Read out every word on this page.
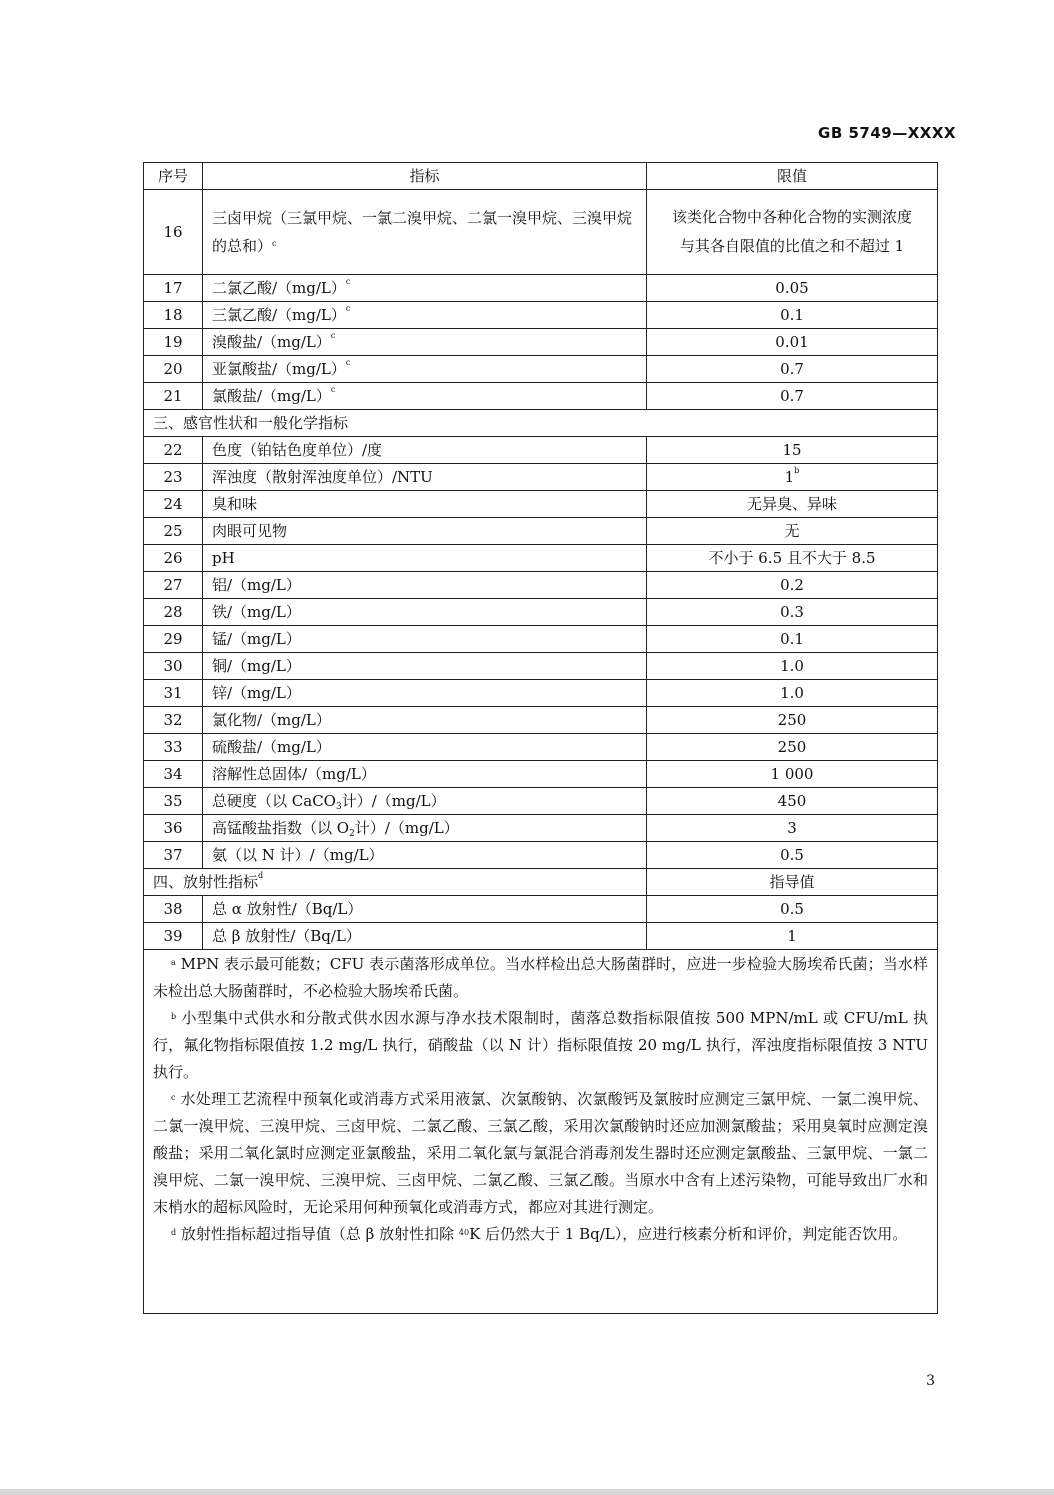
GB 5749—XXXX
序号	指标	限值
16	三卤甲烷（三氯甲烷、一氯二溴甲烷、二氯一溴甲烷、三溴甲烷的总和）$^c$	该类化合物中各种化合物的实测浓度
与其各自限值的比值之和不超过 1

17	二氯乙酸$/(mg/L)^c$	0.05
18	三氯乙酸$/(mg/L)^c$	0.1
19	溴酸盐$/(mg/L)^c$	0.01
20	亚氯酸盐$/(mg/L)^c$	0.7
21	氯酸盐$/(mg/L)^c$	0.7
三、感官性状和一般化学指标		
22	色度（铂钴色度单位）/度	15
23	浑浊度（散射浑浊度单位）/NTU	1$^b$
24	臭和味	无异臭、异味
25	肉眼可见物	无
26	pH	不小于 6.5 且不大于 8.5
27	铝/（mg/L）	0.2
28	铁/（mg/L）	0.3
29	锰/（mg/L）	0.1
30	铜/（mg/L）	1.0
31	锌/（mg/L）	1.0
32	氯化物/（mg/L）	250
33	硫酸盐/（mg/L）	250
34	溶解性总固体/（mg/L）	1 000
35	总硬度（以 CaCO$_3$计）/（mg/L）	450
36	高锰酸盐指数（以 $O_2$计）/（mg/L）	3
37	氨（以 N 计）/（mg/L）	0.5
四、放射性指标$^d$		指导值
38	总 α 放射性/（Bq/L）	0.5
39	总 β 放射性/（Bq/L）	1

$^a$ MPN 表示最可能数；CFU 表示菌落形成单位。当水样检出总大肠菌群时，应进一步检验大肠埃希氏菌；当水样未检出总大肠菌群时，不必检验大肠埃希氏菌。

$^b$ 小型集中式供水和分散式供水因水源与净水技术限制时，菌落总数指标限值按 500 MPN/mL 或 CFU/mL 执行，氟化物指标限值按 1.2 mg/L 执行，硝酸盐（以 N 计）指标限值按 20 mg/L 执行，浑浊度指标限值按 3 NTU 执行。

$^c$ 水处理工艺流程中预氧化或消毒方式采用液氯、次氯酸钠、次氯酸钙及氯胺时应测定三氯甲烷、一氯二溴甲烷、二氯一溴甲烷、三溴甲烷、三卤甲烷、二氯乙酸、三氯乙酸，采用次氯酸钠时还应加测氯酸盐；采用臭氧时应测定溴酸盐；采用二氧化氯时应测定亚氯酸盐，采用二氧化氯与氯混合消毒剂发生器时还应测定氯酸盐、三氯甲烷、一氯二溴甲烷、二氯一溴甲烷、三溴甲烷、三卤甲烷、二氯乙酸、三氯乙酸。当原水中含有上述污染物，可能导致出厂水和末梢水的超标风险时，无论采用何种预氧化或消毒方式，都应对其进行测定。

$^d$ 放射性指标超过指导值（总 β 放射性扣除 $^{40}$K 后仍然大于 1 Bq/L），应进行核素分析和评价，判定能否饮用。		

3
